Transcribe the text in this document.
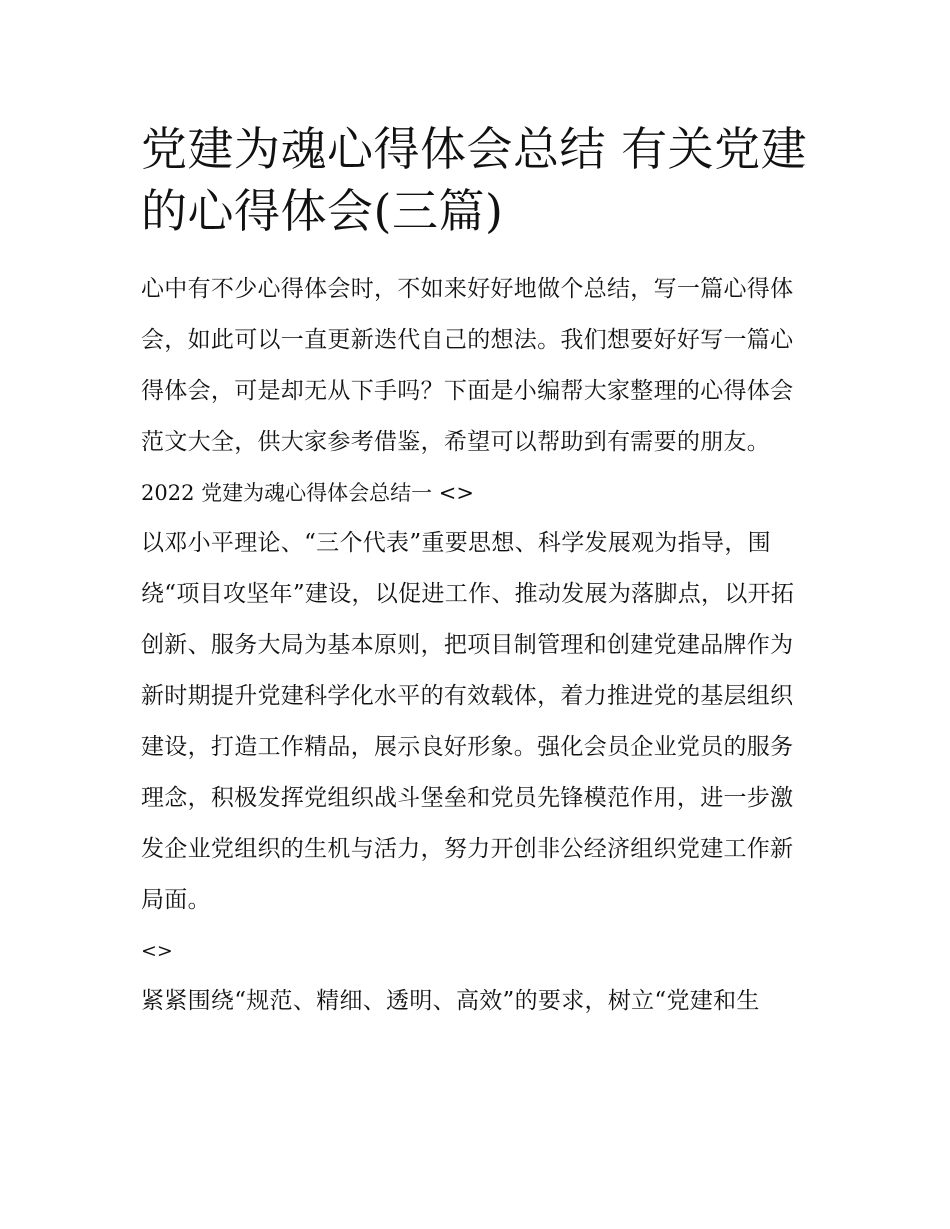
党建为魂心得体会总结 有关党建的心得体会(三篇)

心中有不少心得体会时，不如来好好地做个总结，写一篇心得体会，如此可以一直更新迭代自己的想法。我们想要好好写一篇心得体会，可是却无从下手吗？下面是小编帮大家整理的心得体会范文大全，供大家参考借鉴，希望可以帮助到有需要的朋友。

2022 党建为魂心得体会总结一 <>

以邓小平理论、“三个代表”重要思想、科学发展观为指导，围绕“项目攻坚年”建设，以促进工作、推动发展为落脚点，以开拓创新、服务大局为基本原则，把项目制管理和创建党建品牌作为新时期提升党建科学化水平的有效载体，着力推进党的基层组织建设，打造工作精品，展示良好形象。强化会员企业党员的服务理念，积极发挥党组织战斗堡垒和党员先锋模范作用，进一步激发企业党组织的生机与活力，努力开创非公经济组织党建工作新局面。

<>

紧紧围绕“规范、精细、透明、高效”的要求，树立“党建和生
